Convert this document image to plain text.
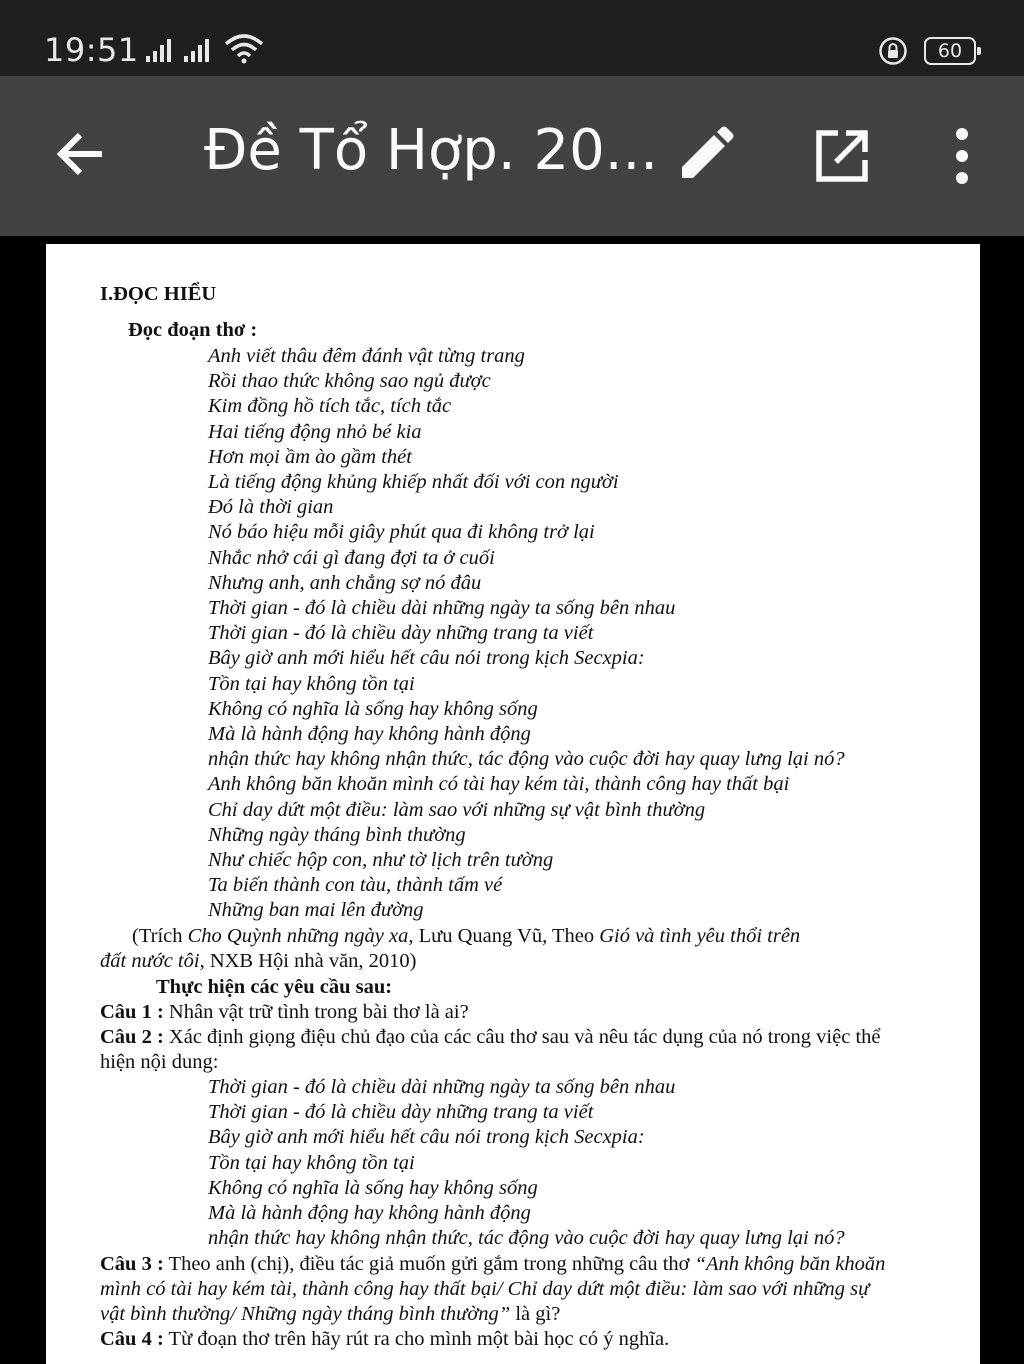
19:51	60
Đề Tổ Hợp. 20...
I.ĐỌC HIỂU
Đọc đoạn thơ :
Anh viết thâu đêm đánh vật từng trang
Rồi thao thức không sao ngủ được
Kim đồng hồ tích tắc, tích tắc
Hai tiếng động nhỏ bé kia
Hơn mọi ầm ào gầm thét
Là tiếng động khủng khiếp nhất đối với con người
Đó là thời gian
Nó báo hiệu mỗi giây phút qua đi không trở lại
Nhắc nhở cái gì đang đợi ta ở cuối
Nhưng anh, anh chẳng sợ nó đâu
Thời gian - đó là chiều dài những ngày ta sống bên nhau
Thời gian - đó là chiều dày những trang ta viết
Bây giờ anh mới hiểu hết câu nói trong kịch Secxpia:
Tồn tại hay không tồn tại
Không có nghĩa là sống hay không sống
Mà là hành động hay không hành động
nhận thức hay không nhận thức, tác động vào cuộc đời hay quay lưng lại nó?
Anh không băn khoăn mình có tài hay kém tài, thành công hay thất bại
Chỉ day dứt một điều: làm sao với những sự vật bình thường
Những ngày tháng bình thường
Như chiếc hộp con, như tờ lịch trên tường
Ta biến thành con tàu, thành tấm vé
Những ban mai lên đường
(Trích Cho Quỳnh những ngày xa, Lưu Quang Vũ, Theo Gió và tình yêu thổi trên
đất nước tôi, NXB Hội nhà văn, 2010)
Thực hiện các yêu cầu sau:
Câu 1 : Nhân vật trữ tình trong bài thơ là ai?
Câu 2 : Xác định giọng điệu chủ đạo của các câu thơ sau và nêu tác dụng của nó trong việc thể
hiện nội dung:
Thời gian - đó là chiều dài những ngày ta sống bên nhau
Thời gian - đó là chiều dày những trang ta viết
Bây giờ anh mới hiểu hết câu nói trong kịch Secxpia:
Tồn tại hay không tồn tại
Không có nghĩa là sống hay không sống
Mà là hành động hay không hành động
nhận thức hay không nhận thức, tác động vào cuộc đời hay quay lưng lại nó?
Câu 3 : Theo anh (chị), điều tác giả muốn gửi gắm trong những câu thơ “Anh không băn khoăn
mình có tài hay kém tài, thành công hay thất bại/ Chỉ day dứt một điều: làm sao với những sự
vật bình thường/ Những ngày tháng bình thường” là gì?
Câu 4 : Từ đoạn thơ trên hãy rút ra cho mình một bài học có ý nghĩa.
